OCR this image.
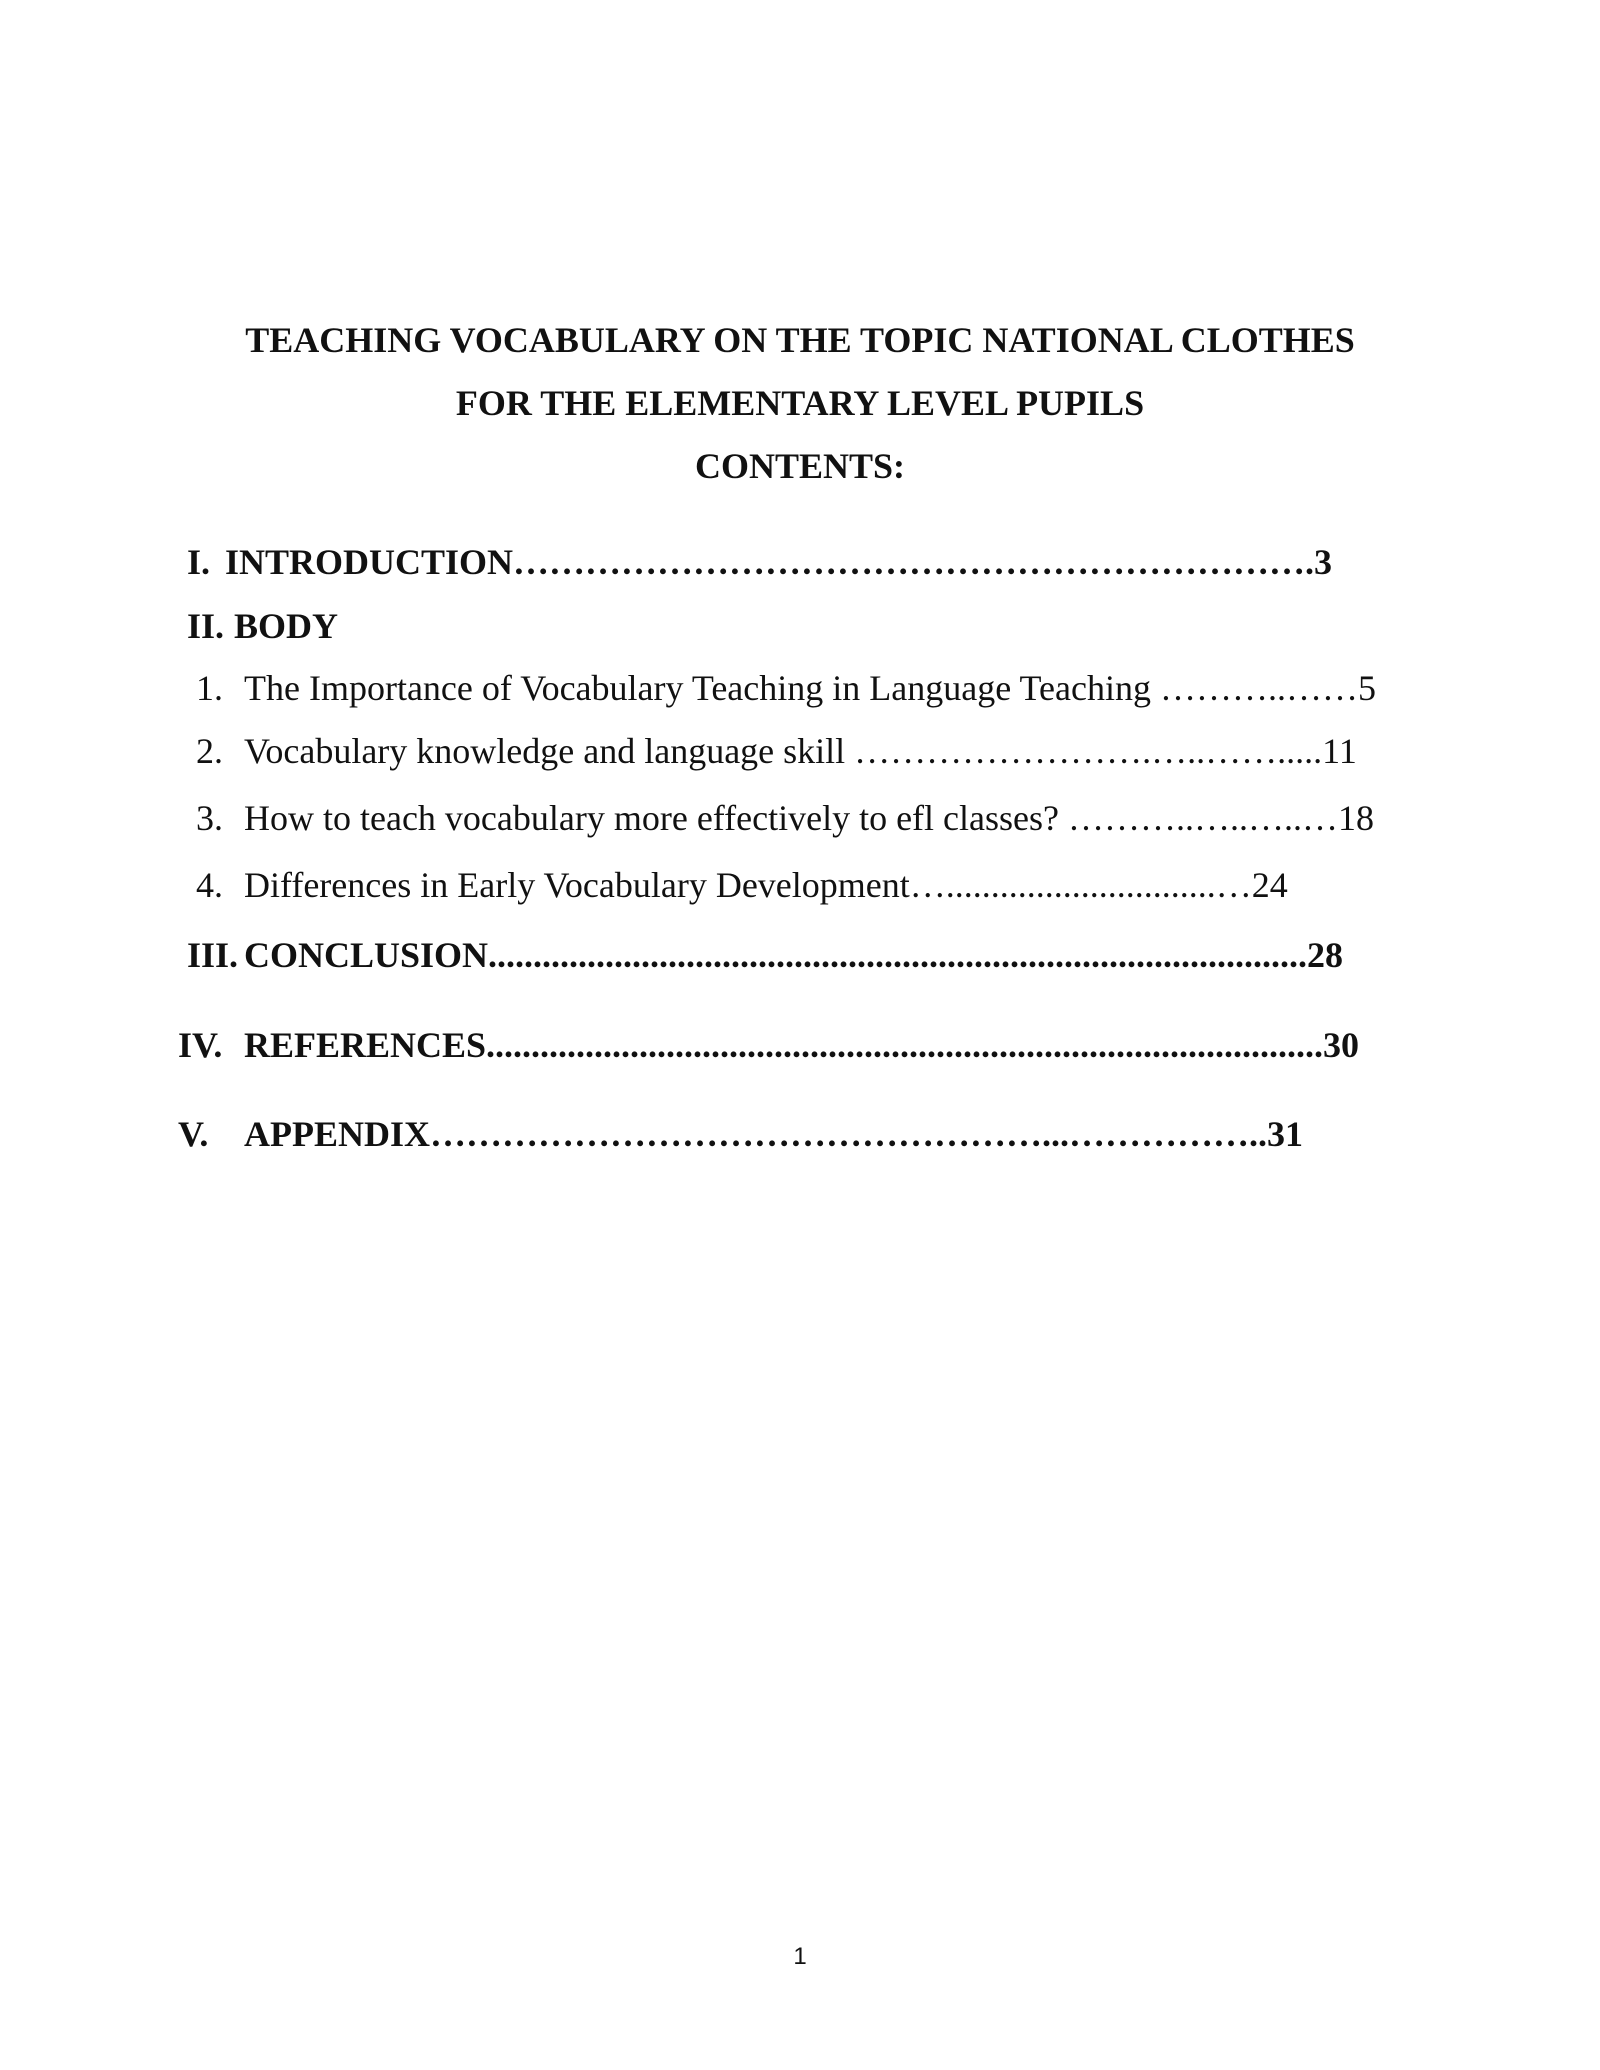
TEACHING VOCABULARY ON THE TOPIC NATIONAL CLOTHES
FOR THE ELEMENTARY LEVEL PUPILS
CONTENTS:
I. INTRODUCTION………………………………………………………….3
II. BODY
1. The Importance of Vocabulary Teaching in Language Teaching ………..……5
2. Vocabulary knowledge and language skill …………………….…..…….....11
3. How to teach vocabulary more effectively to efl classes? ………..…..…..…18
4. Differences in Early Vocabulary Development…..............................…24
III. CONCLUSION...........................................................................................28
IV. REFERENCES.............................................................................................30
V. APPENDIX……………………………………………...……………..31
1
